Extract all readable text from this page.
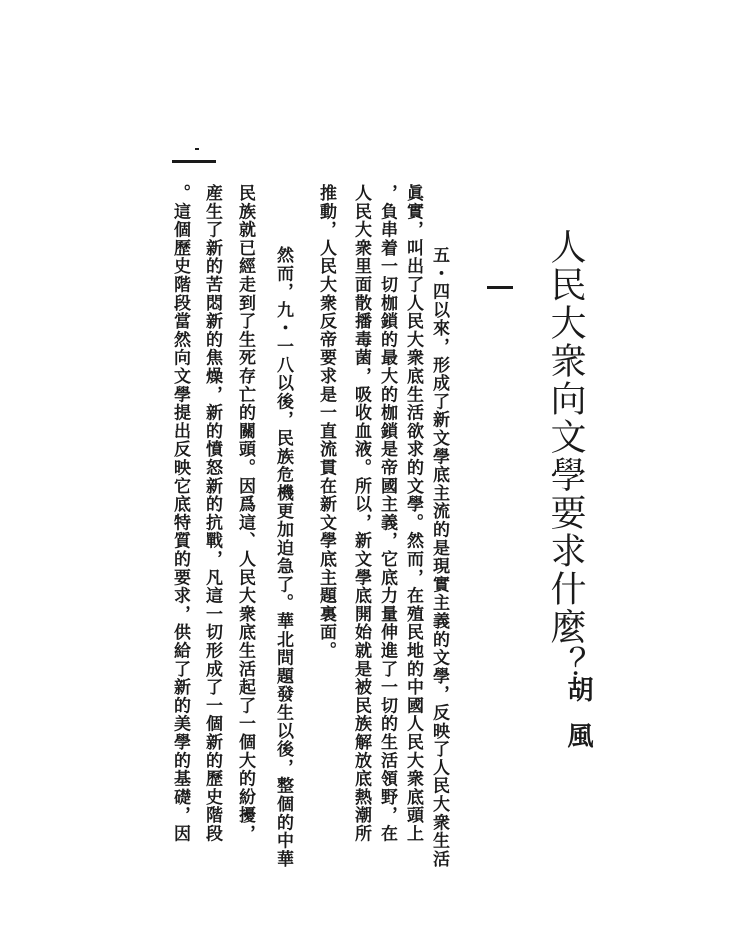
人民大衆向文學要求什麼？
胡風
五・四以來，形成了新文學底主流的是現實主義的文學，反映了人民大衆生活
眞實，叫出了人民大衆底生活欲求的文學。然而，在殖民地的中國人民大衆底頭上
，負串着一切枷鎖的最大的枷鎖是帝國主義，它底力量伸進了一切的生活領野，在
人民大衆里面散播毒菌，吸收血液。所以，新文學底開始就是被民族解放底熱潮所
推動，人民大衆反帝要求是一直流貫在新文學底主題裏面。
然而，九・一八以後，民族危機更加迫急了。華北問題發生以後，整個的中華
民族就已經走到了生死存亡的關頭。因爲這、人民大衆底生活起了一個大的紛擾，
産生了新的苦悶新的焦燥，新的憤怒新的抗戰，凡這一切形成了一個新的歷史階段
。這個歷史階段當然向文學提出反映它底特質的要求，供給了新的美學的基礎，因
